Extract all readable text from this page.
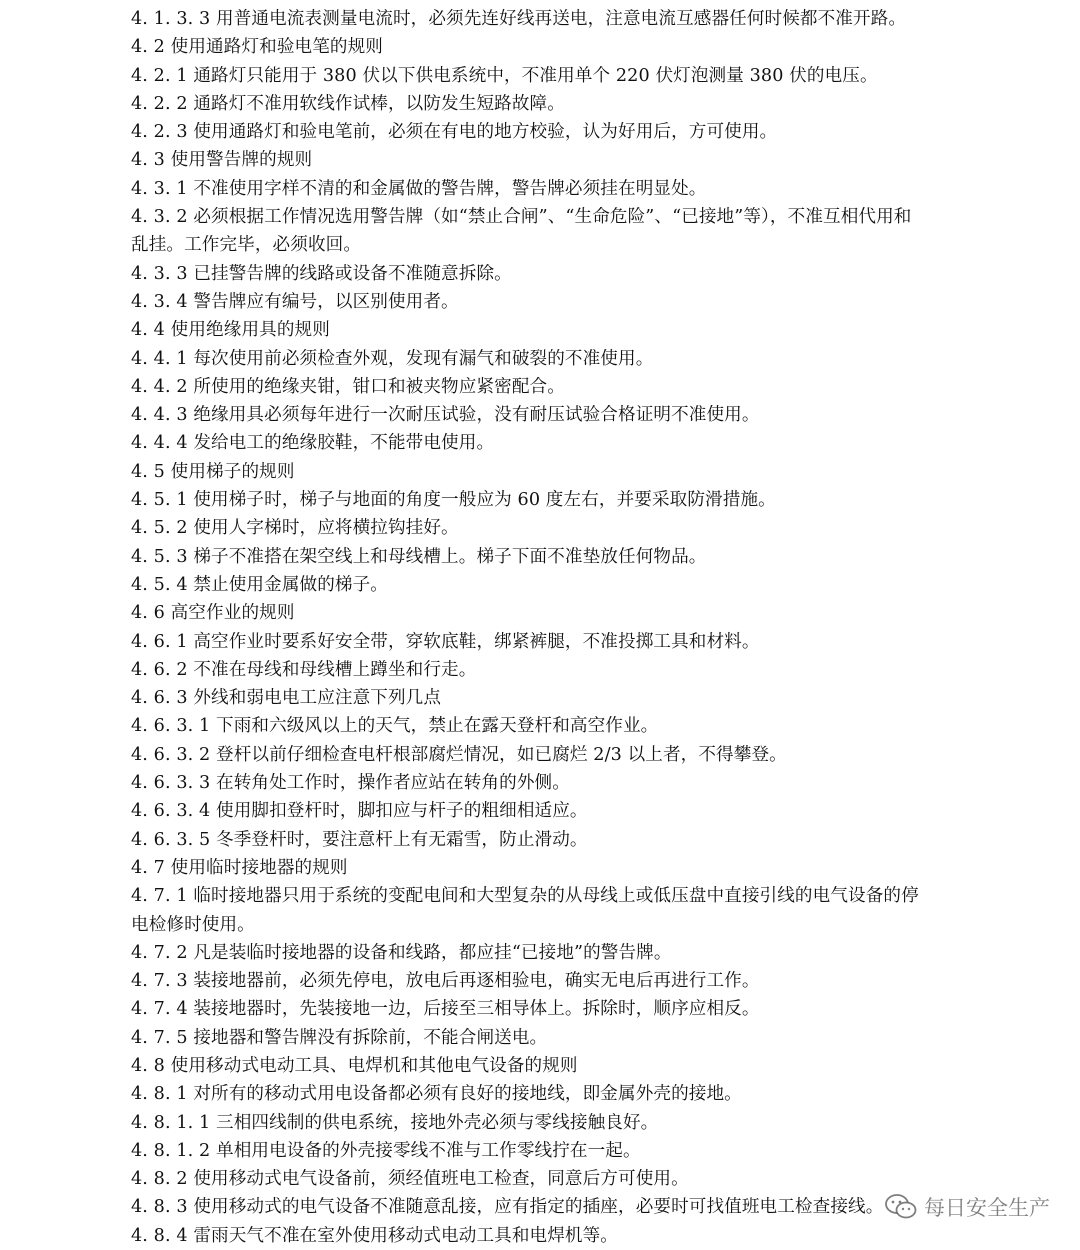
4. 1. 3. 3 用普通电流表测量电流时，必须先连好线再送电，注意电流互感器任何时候都不准开路。
4. 2 使用通路灯和验电笔的规则
4. 2. 1 通路灯只能用于 380 伏以下供电系统中，不准用单个 220 伏灯泡测量 380 伏的电压。
4. 2. 2 通路灯不准用软线作试棒，以防发生短路故障。
4. 2. 3 使用通路灯和验电笔前，必须在有电的地方校验，认为好用后，方可使用。
4. 3 使用警告牌的规则
4. 3. 1 不准使用字样不清的和金属做的警告牌，警告牌必须挂在明显处。
4. 3. 2 必须根据工作情况选用警告牌（如“禁止合闸”、“生命危险”、“已接地”等），不准互相代用和
乱挂。工作完毕，必须收回。
4. 3. 3 已挂警告牌的线路或设备不准随意拆除。
4. 3. 4 警告牌应有编号，以区别使用者。
4. 4 使用绝缘用具的规则
4. 4. 1 每次使用前必须检查外观，发现有漏气和破裂的不准使用。
4. 4. 2 所使用的绝缘夹钳，钳口和被夹物应紧密配合。
4. 4. 3 绝缘用具必须每年进行一次耐压试验，没有耐压试验合格证明不准使用。
4. 4. 4 发给电工的绝缘胶鞋，不能带电使用。
4. 5 使用梯子的规则
4. 5. 1 使用梯子时，梯子与地面的角度一般应为 60 度左右，并要采取防滑措施。
4. 5. 2 使用人字梯时，应将横拉钩挂好。
4. 5. 3 梯子不准搭在架空线上和母线槽上。梯子下面不准垫放任何物品。
4. 5. 4 禁止使用金属做的梯子。
4. 6 高空作业的规则
4. 6. 1 高空作业时要系好安全带，穿软底鞋，绑紧裤腿，不准投掷工具和材料。
4. 6. 2 不准在母线和母线槽上蹲坐和行走。
4. 6. 3 外线和弱电电工应注意下列几点
4. 6. 3. 1 下雨和六级风以上的天气，禁止在露天登杆和高空作业。
4. 6. 3. 2 登杆以前仔细检查电杆根部腐烂情况，如已腐烂 2/3 以上者，不得攀登。
4. 6. 3. 3 在转角处工作时，操作者应站在转角的外侧。
4. 6. 3. 4 使用脚扣登杆时，脚扣应与杆子的粗细相适应。
4. 6. 3. 5 冬季登杆时，要注意杆上有无霜雪，防止滑动。
4. 7 使用临时接地器的规则
4. 7. 1 临时接地器只用于系统的变配电间和大型复杂的从母线上或低压盘中直接引线的电气设备的停
电检修时使用。
4. 7. 2 凡是装临时接地器的设备和线路，都应挂“已接地”的警告牌。
4. 7. 3 装接地器前，必须先停电，放电后再逐相验电，确实无电后再进行工作。
4. 7. 4 装接地器时，先装接地一边，后接至三相导体上。拆除时，顺序应相反。
4. 7. 5 接地器和警告牌没有拆除前，不能合闸送电。
4. 8 使用移动式电动工具、电焊机和其他电气设备的规则
4. 8. 1 对所有的移动式用电设备都必须有良好的接地线，即金属外壳的接地。
4. 8. 1. 1 三相四线制的供电系统，接地外壳必须与零线接触良好。
4. 8. 1. 2 单相用电设备的外壳接零线不准与工作零线拧在一起。
4. 8. 2 使用移动式电气设备前，须经值班电工检查，同意后方可使用。
4. 8. 3 使用移动式的电气设备不准随意乱接，应有指定的插座，必要时可找值班电工检查接线。
4. 8. 4 雷雨天气不准在室外使用移动式电动工具和电焊机等。
每日安全生产
